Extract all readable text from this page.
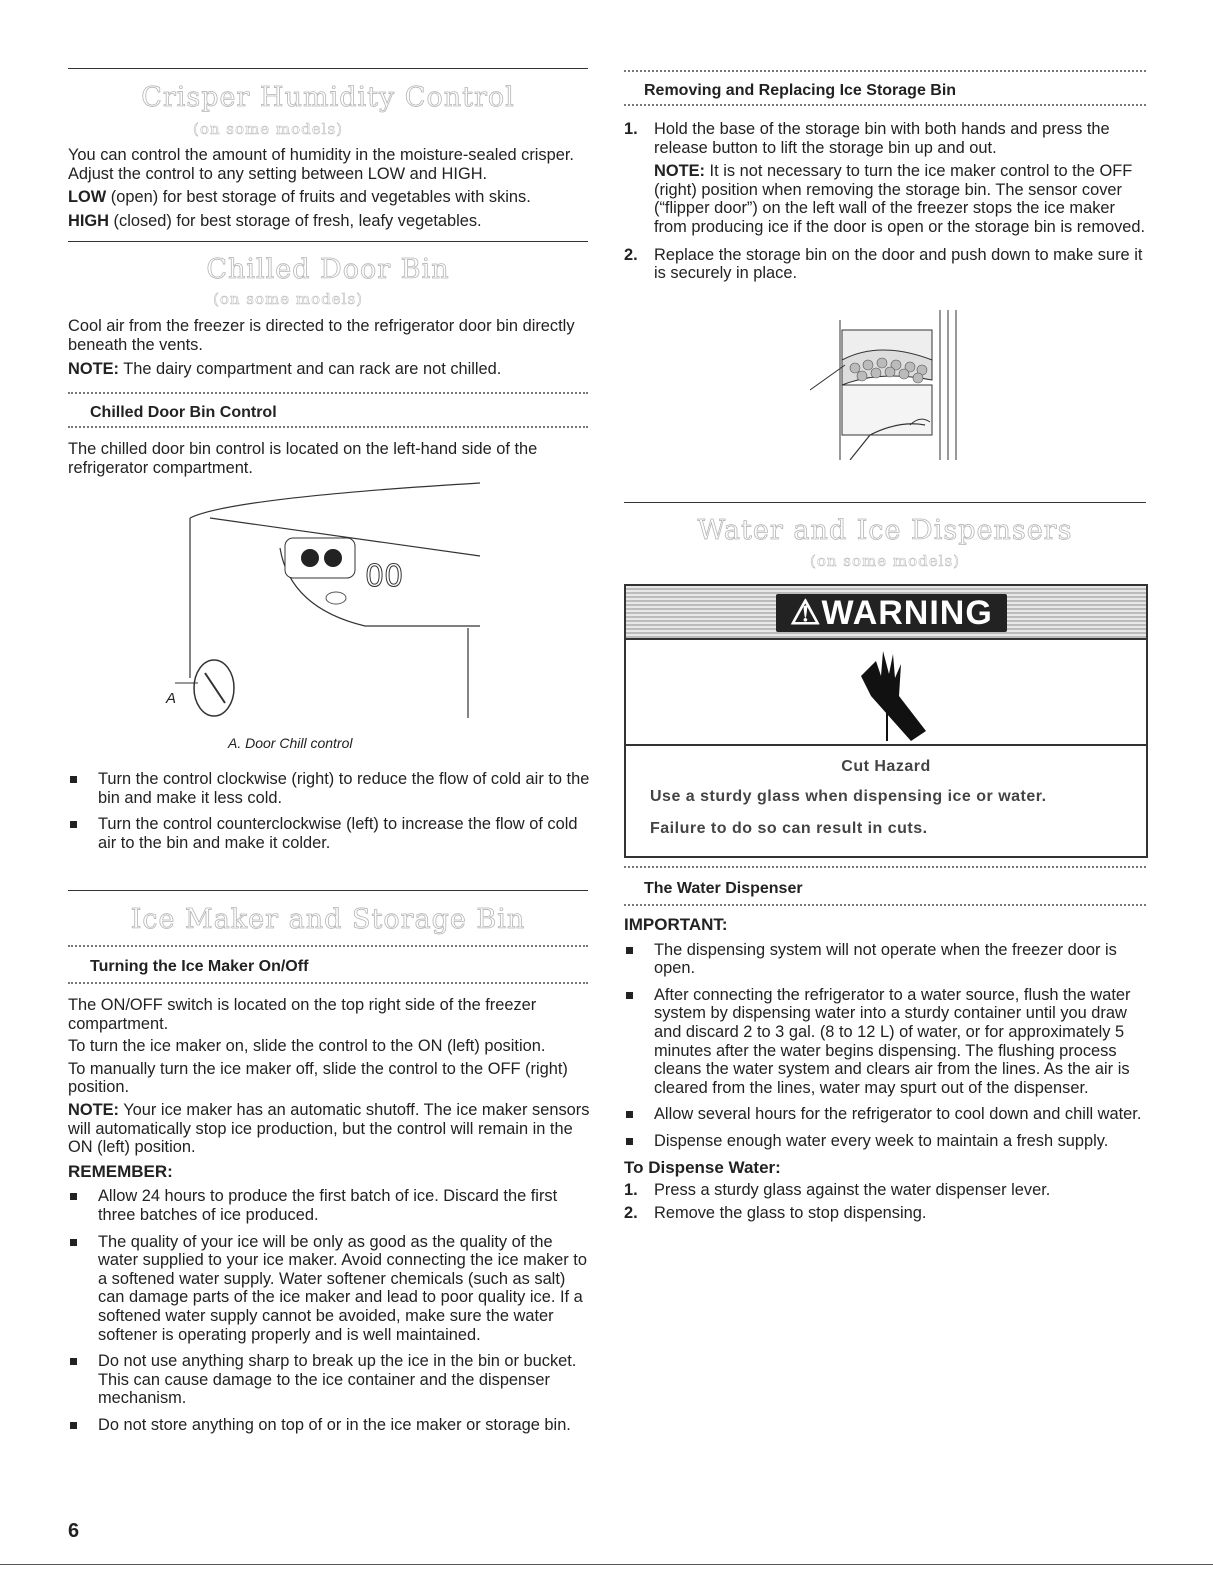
Crisper Humidity Control
(on some models)

You can control the amount of humidity in the moisture-sealed crisper. Adjust the control to any setting between LOW and HIGH.

LOW (open) for best storage of fruits and vegetables with skins.

HIGH (closed) for best storage of fresh, leafy vegetables.

Chilled Door Bin
(on some models)

Cool air from the freezer is directed to the refrigerator door bin directly beneath the vents.

NOTE: The dairy compartment and can rack are not chilled.

Chilled Door Bin Control
The chilled door bin control is located on the left-hand side of the refrigerator compartment.
00
A
A. Door Chill control
Turn the control clockwise (right) to reduce the flow of cold air to the bin and make it less cold.
Turn the control counterclockwise (left) to increase the flow of cold air to the bin and make it colder.
Ice Maker and Storage Bin
Turning the Ice Maker On/Off

The ON/OFF switch is located on the top right side of the freezer compartment.

To turn the ice maker on, slide the control to the ON (left) position.

To manually turn the ice maker off, slide the control to the OFF (right) position.

NOTE: Your ice maker has an automatic shutoff. The ice maker sensors will automatically stop ice production, but the control will remain in the ON (left) position.

REMEMBER:

Allow 24 hours to produce the first batch of ice. Discard the first three batches of ice produced.
The quality of your ice will be only as good as the quality of the water supplied to your ice maker. Avoid connecting the ice maker to a softened water supply. Water softener chemicals (such as salt) can damage parts of the ice maker and lead to poor quality ice. If a softened water supply cannot be avoided, make sure the water softener is operating properly and is well maintained.
Do not use anything sharp to break up the ice in the bin or bucket. This can cause damage to the ice container and the dispenser mechanism.
Do not store anything on top of or in the ice maker or storage bin.
6
Removing and Replacing Ice Storage Bin
1. Hold the base of the storage bin with both hands and press the release button to lift the storage bin up and out.

NOTE: It is not necessary to turn the ice maker control to the OFF (right) position when removing the storage bin. The sensor cover (“flipper door”) on the left wall of the freezer stops the ice maker from producing ice if the door is open or the storage bin is removed.

2. Replace the storage bin on the door and push down to make sure it is securely in place.
Water and Ice Dispensers
(on some models)
⚠WARNING
Cut Hazard
Use a sturdy glass when dispensing ice or water.
Failure to do so can result in cuts.
The Water Dispenser

IMPORTANT:

The dispensing system will not operate when the freezer door is open.
After connecting the refrigerator to a water source, flush the water system by dispensing water into a sturdy container until you draw and discard 2 to 3 gal. (8 to 12 L) of water, or for approximately 5 minutes after the water begins dispensing. The flushing process cleans the water system and clears air from the lines. As the air is cleared from the lines, water may spurt out of the dispenser.
Allow several hours for the refrigerator to cool down and chill water.
Dispense enough water every week to maintain a fresh supply.

To Dispense Water:

1. Press a sturdy glass against the water dispenser lever.
2. Remove the glass to stop dispensing.
